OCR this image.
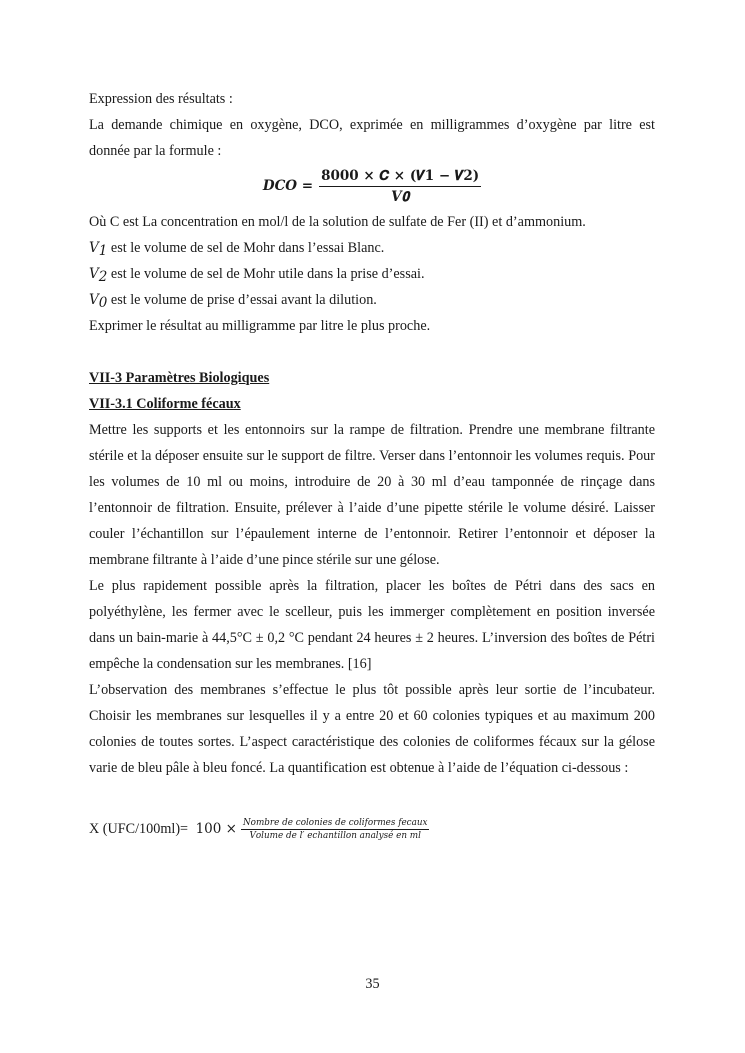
Expression des résultats :

La demande chimique en oxygène, DCO, exprimée en milligrammes d’oxygène par litre est donnée par la formule :

𝑫𝑪𝑶 = $\frac{\text{𝟖𝟎𝟎𝟎 × 𝑪 × (𝑽𝟏 − 𝑽𝟐)}}{\text{𝑽𝟎}}$

Où C est La concentration en mol/l de la solution de sulfate de Fer (II) et d’ammonium.

𝑉$_1$ est le volume de sel de Mohr dans l’essai Blanc.

𝑉$_2$ est le volume de sel de Mohr utile dans la prise d’essai.

𝑉$_0$ est le volume de prise d’essai avant la dilution.

Exprimer le résultat au milligramme par litre le plus proche.

VII-3 Paramètres Biologiques

VII-3.1 Coliforme fécaux

Mettre les supports et les entonnoirs sur la rampe de filtration. Prendre une membrane filtrante stérile et la déposer ensuite sur le support de filtre. Verser dans l’entonnoir les volumes requis. Pour les volumes de 10 ml ou moins, introduire de 20 à 30 ml d’eau tamponnée de rinçage dans l’entonnoir de filtration. Ensuite, prélever à l’aide d’une pipette stérile le volume désiré. Laisser couler l’échantillon sur l’épaulement interne de l’entonnoir. Retirer l’entonnoir et déposer la membrane filtrante à l’aide d’une pince stérile sur une gélose.

Le plus rapidement possible après la filtration, placer les boîtes de Pétri dans des sacs en polyéthylène, les fermer avec le scelleur, puis les immerger complètement en position inversée dans un bain-marie à 44,5°C ± 0,2 °C pendant 24 heures ± 2 heures. L’inversion des boîtes de Pétri empêche la condensation sur les membranes. [16]

L’observation des membranes s’effectue le plus tôt possible après leur sortie de l’incubateur. Choisir les membranes sur lesquelles il y a entre 20 et 60 colonies typiques et au maximum 200 colonies de toutes sortes. L’aspect caractéristique des colonies de coliformes fécaux sur la gélose varie de bleu pâle à bleu foncé. La quantification est obtenue à l’aide de l’équation ci-dessous :

X (UFC/100ml)= 100 × 𝑁𝑜𝑚𝑏𝑟𝑒 𝑑𝑒 𝑐𝑜𝑙𝑜𝑛𝑖𝑒𝑠 𝑑𝑒 𝑐𝑜𝑙𝑖𝑓𝑜𝑟𝑚𝑒𝑠 𝑓𝑒𝑐𝑎𝑢𝑥
𝑉𝑜𝑙𝑢𝑚𝑒 𝑑𝑒 𝑙′ 𝑒𝑐ℎ𝑎𝑛𝑡𝑖𝑙𝑙𝑜𝑛 𝑎𝑛𝑎𝑙𝑦𝑠é 𝑒𝑛 𝑚𝑙
35
